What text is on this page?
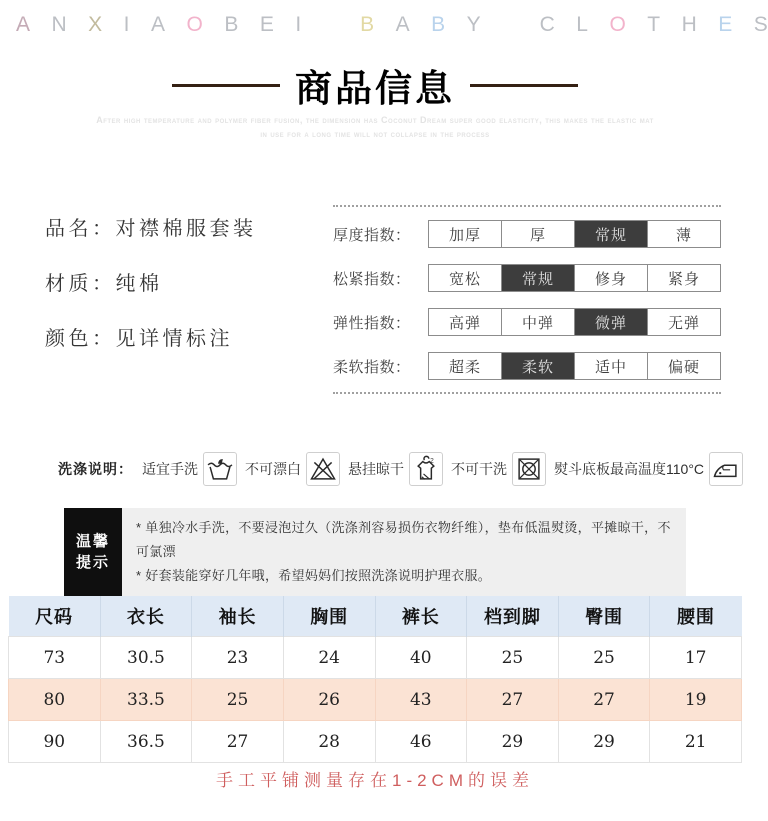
A N X I A O B E I	B A B Y	C L O T H E S
商品信息
After high temperature and polymer fiber fusion, the dimension has Coconut Dream super good elasticity, this makes the elastic mat
in use for a long time will not collapse in the process
品名：对襟棉服套装
材质：纯棉
颜色：见详情标注
厚度指数：	加厚	厚	常规	薄
松紧指数：	宽松	常规	修身	紧身
弹性指数：	高弹	中弹	微弹	无弹
柔软指数：	超柔	柔软	适中	偏硬
洗涤说明： 适宜手洗	不可漂白	悬挂晾干
2
不可干洗	熨斗底板最高温度110°C
温馨
提示
* 单独冷水手洗，不要浸泡过久（洗涤剂容易损伤衣物纤维），垫布低温熨烫，平摊晾干，不可氯漂
* 好套装能穿好几年哦，希望妈妈们按照洗涤说明护理衣服。
尺码	衣长	袖长	胸围	裤长	档到脚	臀围	腰围
73	30.5	23	24	40	25	25	17
80	33.5	25	26	43	27	27	19
90	36.5	27	28	46	29	29	21
手工平铺测量存在1-2CM的误差
